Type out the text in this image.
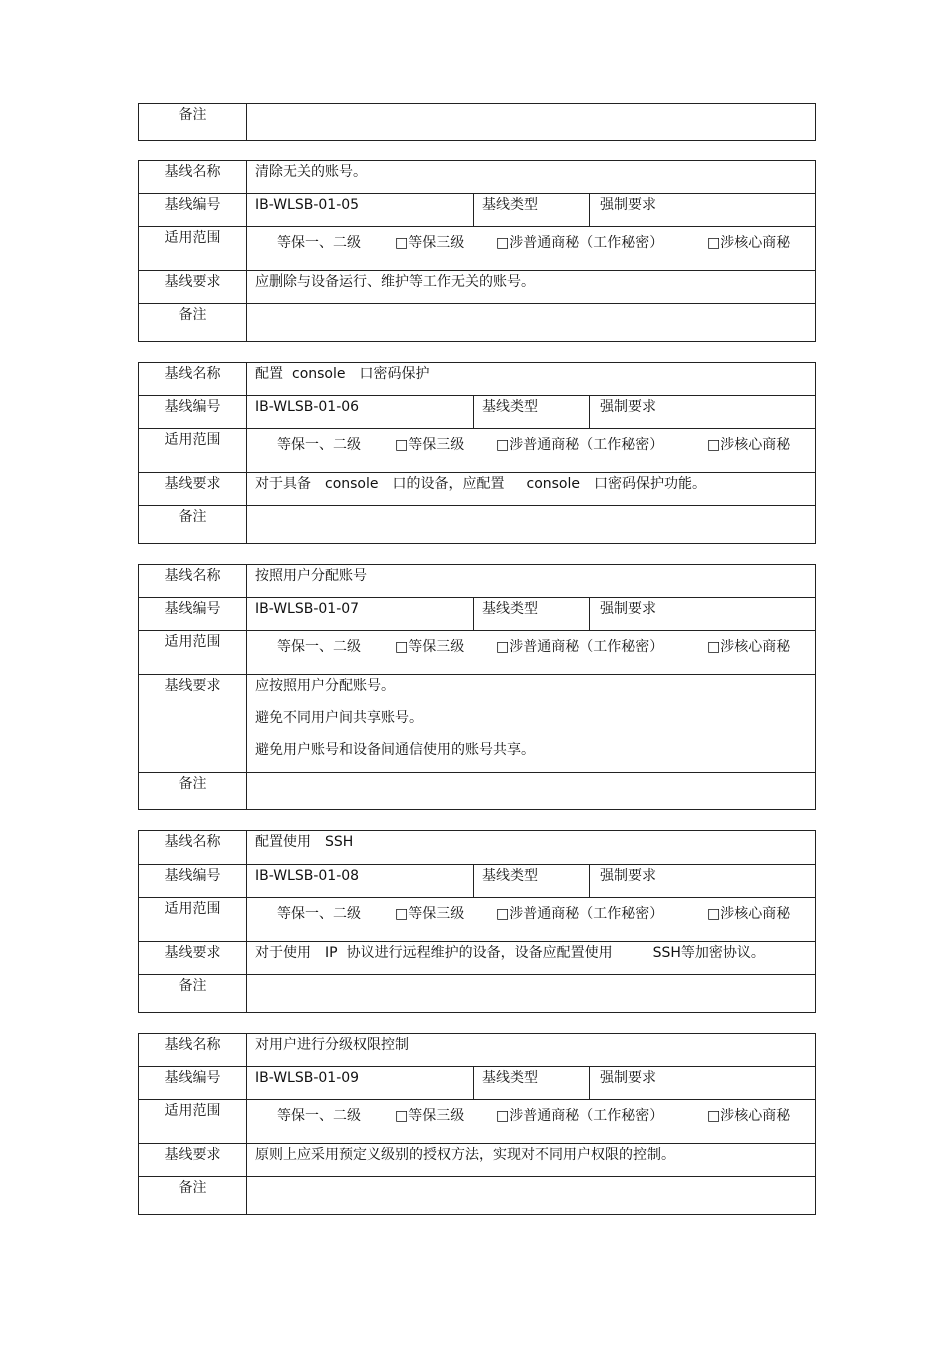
备注	
基线名称	清除无关的账号。		
基线编号	IB-WLSB-01-05	基线类型	强制要求
适用范围	等保一、二级 □等保三级 □涉普通商秘（工作秘密） □涉核心商秘		

基线要求	应删除与设备运行、维护等工作无关的账号。		

备注			
基线名称	配置 console 口密码保护		
基线编号	IB-WLSB-01-06	基线类型	强制要求
适用范围	等保一、二级 □等保三级 □涉普通商秘（工作秘密） □涉核心商秘		

基线要求	对于具备 console 口的设备，应配置 console 口密码保护功能。		
备注			
基线名称	按照用户分配账号		
基线编号	IB-WLSB-01-07	基线类型	强制要求
适用范围	等保一、二级 □等保三级 □涉普通商秘（工作秘密） □涉核心商秘		

基线要求	应按照用户分配账号。
避免不同用户间共享账号。
避免用户账号和设备间通信使用的账号共享。		

备注			
基线名称	配置使用 SSH		
基线编号	IB-WLSB-01-08	基线类型	强制要求
适用范围	等保一、二级 □等保三级 □涉普通商秘（工作秘密） □涉核心商秘		

基线要求	对于使用 IP 协议进行远程维护的设备，设备应配置使用 SSH等加密协议。		
备注			
基线名称	对用户进行分级权限控制		
基线编号	IB-WLSB-01-09	基线类型	强制要求
适用范围	等保一、二级 □等保三级 □涉普通商秘（工作秘密） □涉核心商秘		

基线要求	原则上应采用预定义级别的授权方法，实现对不同用户权限的控制。		

备注			
